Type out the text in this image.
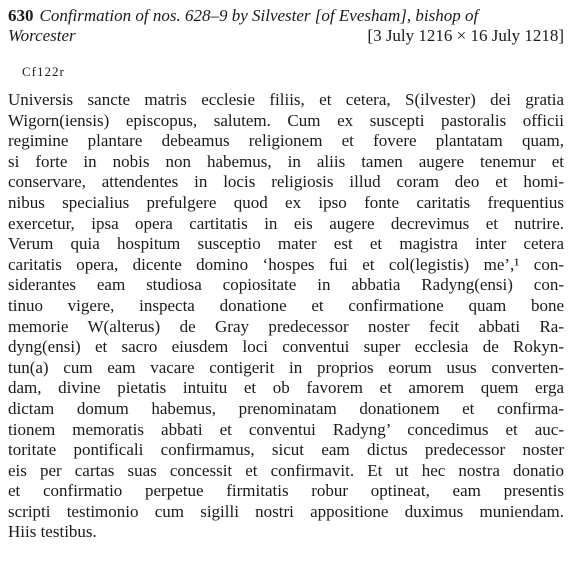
630 Confirmation of nos. 628–9 by Silvester [of Evesham], bishop of
Worcester	[3 July 1216 × 16 July 1218]
Cf122r
Universis sancte matris ecclesie filiis, et cetera, S(ilvester) dei gratia
Wigorn(iensis) episcopus, salutem. Cum ex suscepti pastoralis officii
regimine plantare debeamus religionem et fovere plantatam quam,
si forte in nobis non habemus, in aliis tamen augere tenemur et
conservare, attendentes in locis religiosis illud coram deo et homi-
nibus specialius prefulgere quod ex ipso fonte caritatis frequentius
exercetur, ipsa opera cartitatis in eis augere decrevimus et nutrire.
Verum quia hospitum susceptio mater est et magistra inter cetera
caritatis opera, dicente domino ‘hospes fui et col(legistis) me’,¹ con-
siderantes eam studiosa copiositate in abbatia Radyng(ensi) con-
tinuo vigere, inspecta donatione et confirmatione quam bone
memorie W(alterus) de Gray predecessor noster fecit abbati Ra-
dyng(ensi) et sacro eiusdem loci conventui super ecclesia de Rokyn-
tun(a) cum eam vacare contigerit in proprios eorum usus converten-
dam, divine pietatis intuitu et ob favorem et amorem quem erga
dictam domum habemus, prenominatam donationem et confirma-
tionem memoratis abbati et conventui Radyng’ concedimus et auc-
toritate pontificali confirmamus, sicut eam dictus predecessor noster
eis per cartas suas concessit et confirmavit. Et ut hec nostra donatio
et confirmatio perpetue firmitatis robur optineat, eam presentis
scripti testimonio cum sigilli nostri appositione duximus muniendam.
Hiis testibus.
